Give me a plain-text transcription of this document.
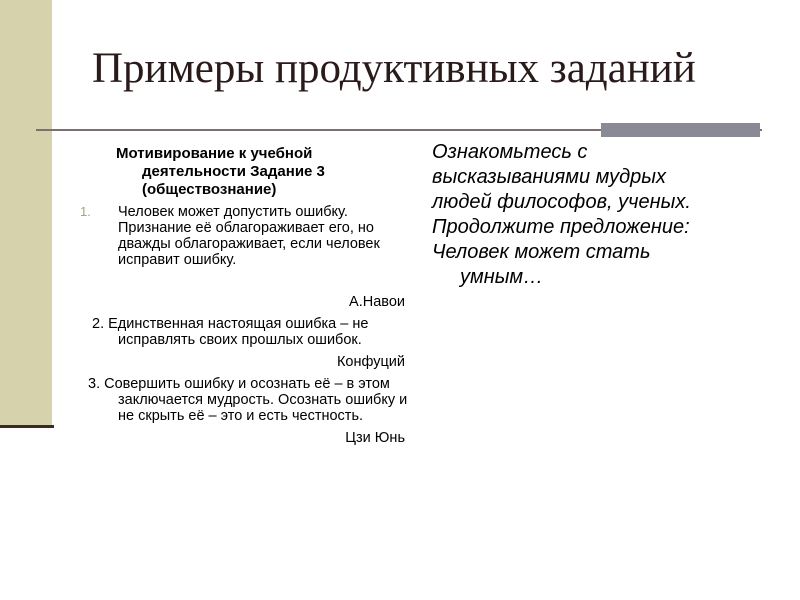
Примеры продуктивных заданий
Мотивирование к учебной деятельности Задание 3 (обществознание)
1. Человек может допустить ошибку. Признание её облагораживает его, но дважды облагораживает, если человек исправит ошибку.
А.Навои
2. Единственная настоящая ошибка – не исправлять своих прошлых ошибок.
Конфуций
3. Совершить ошибку и осознать её – в этом заключается мудрость. Осознать ошибку и не скрыть её – это и есть честность.
Цзи Юнь

Ознакомьтесь с

высказываниями мудрых

людей философов, ученых.

Продолжите предложение:

Человек может стать

умным…
